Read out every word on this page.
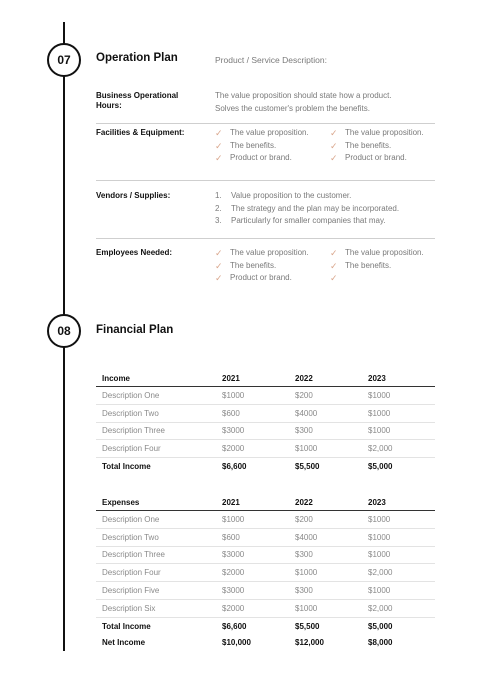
07 Operation Plan	Product / Service Description:
Business Operational Hours:
The value proposition should state how a product.
Solves the customer's problem the benefits.
Facilities & Equipment:	✓ The value proposition.
✓ The benefits.
✓ Product or brand.
✓ The value proposition.
✓ The benefits.
✓ Product or brand.
Vendors / Supplies:	1. Value proposition to the customer.
2. The strategy and the plan may be incorporated.
3. Particularly for smaller companies that may.
Employees Needed:	✓ The value proposition.
✓ The benefits.
✓ Product or brand.
✓ The value proposition.
✓ The benefits.
✓
08 Financial Plan
Income	2021	2022	2023
Description One	$1000	$200	$1000
Description Two	$600	$4000	$1000
Description Three	$3000	$300	$1000
Description Four	$2000	$1000	$2,000
Total Income	$6,600	$5,500	$5,000
Expenses	2021	2022	2023
Description One	$1000	$200	$1000
Description Two	$600	$4000	$1000
Description Three	$3000	$300	$1000
Description Four	$2000	$1000	$2,000
Description Five	$3000	$300	$1000
Description Six	$2000	$1000	$2,000
Total Income	$6,600	$5,500	$5,000
Net Income	$10,000	$12,000	$8,000
